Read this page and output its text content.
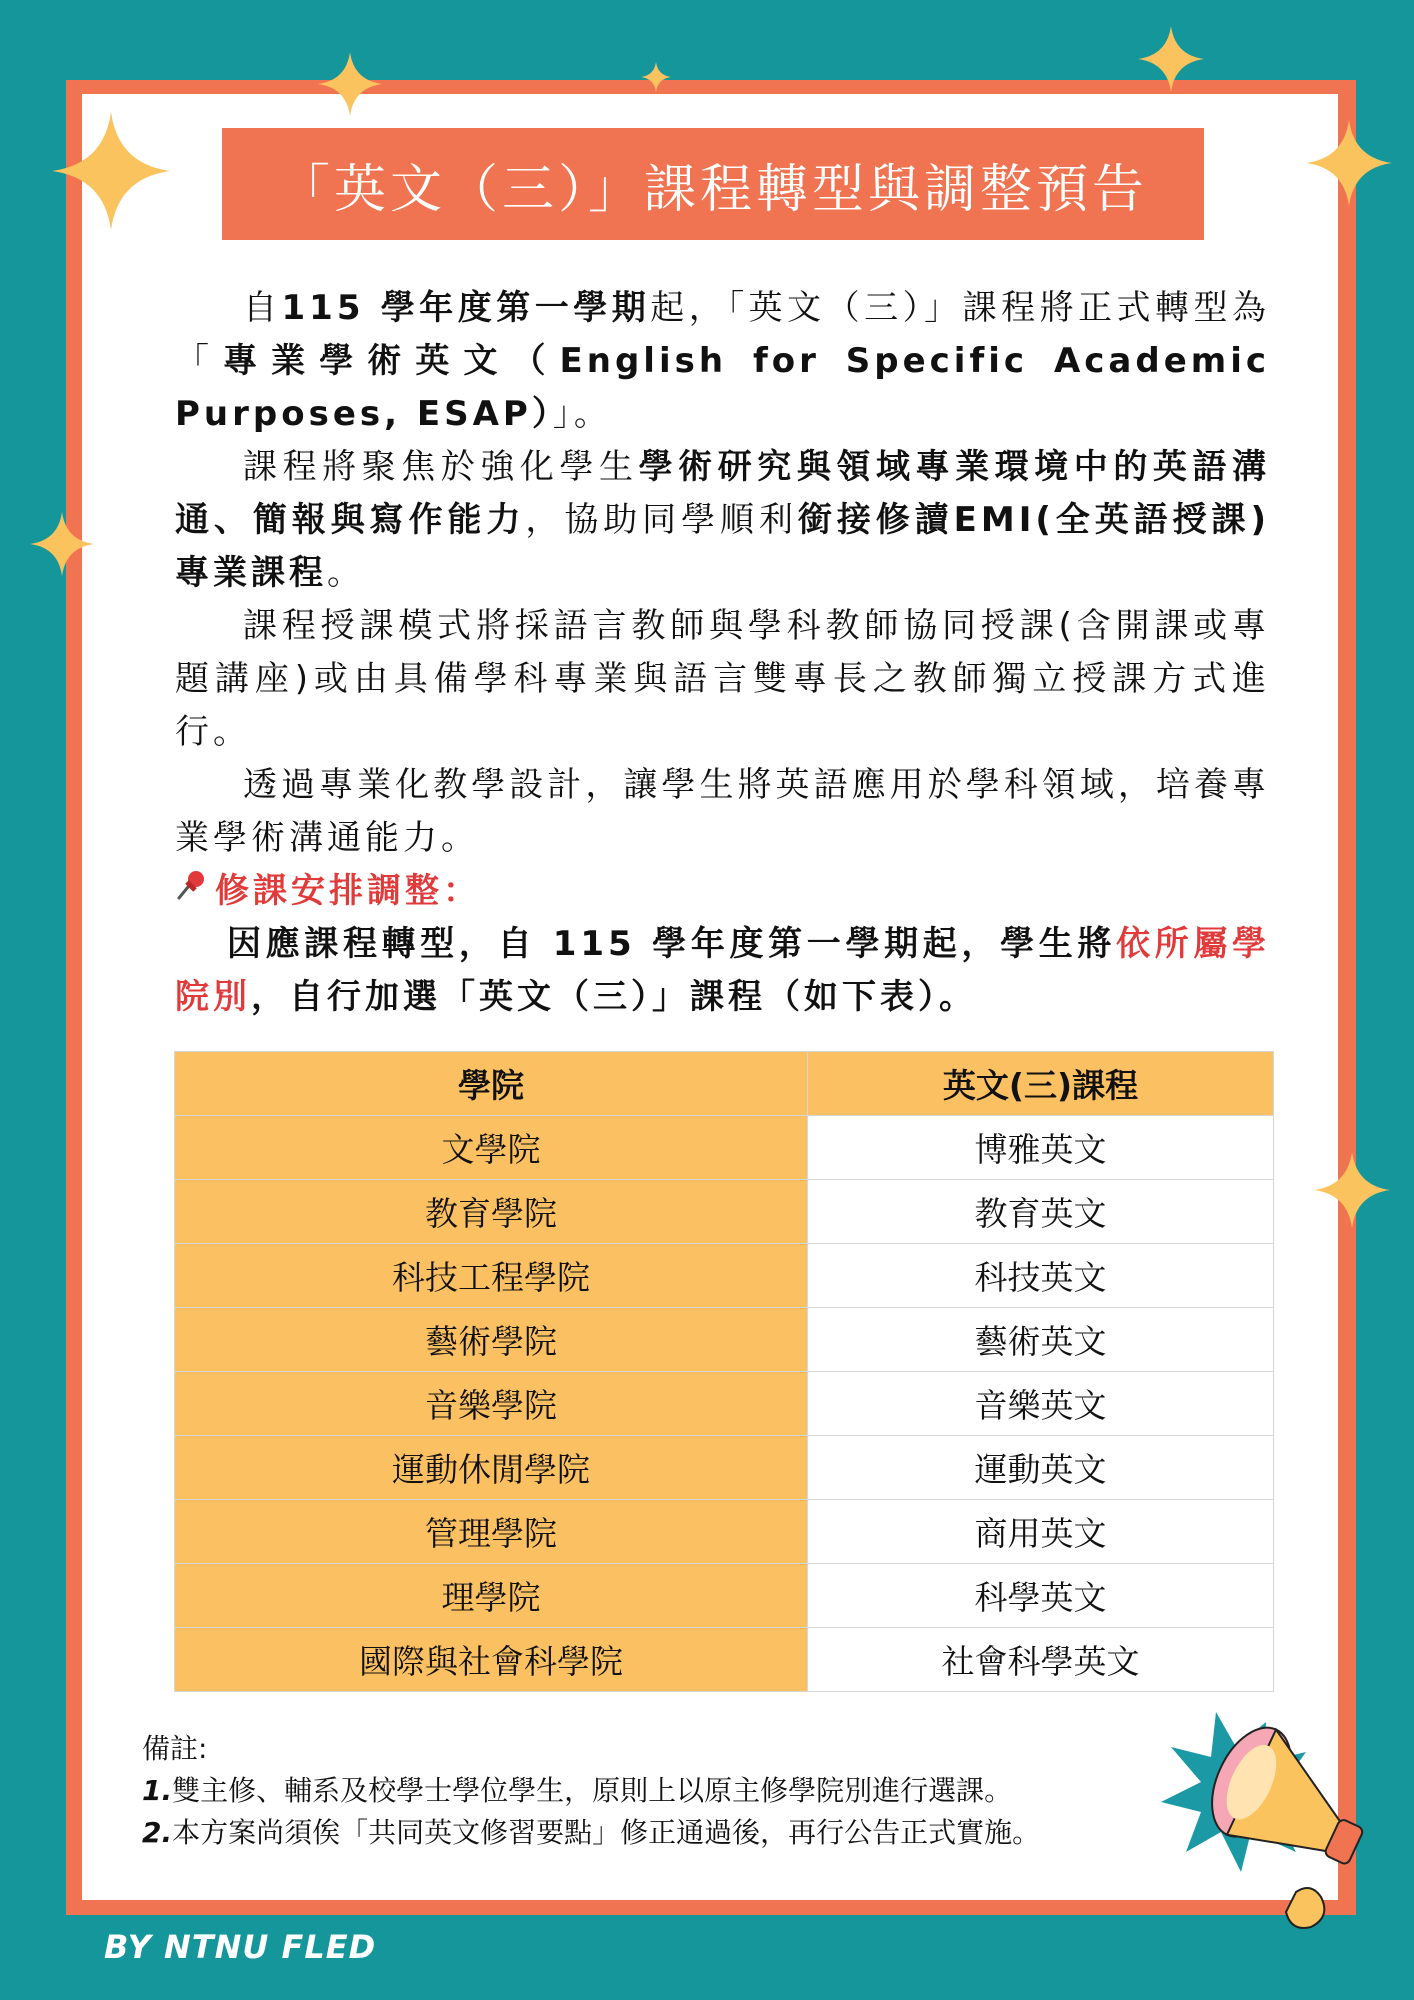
「英文（三）」課程轉型與調整預告

自115 學年度第一學期起，「英文（三）」課程將正式轉型為「專業學術英文（English for Specific Academic Purposes, ESAP）」。

課程將聚焦於強化學生學術研究與領域專業環境中的英語溝通、簡報與寫作能力，協助同學順利銜接修讀EMI(全英語授課)專業課程。

課程授課模式將採語言教師與學科教師協同授課(含開課或專題講座)或由具備學科專業與語言雙專長之教師獨立授課方式進行。

透過專業化教學設計，讓學生將英語應用於學科領域，培養專業學術溝通能力。

修課安排調整：

因應課程轉型，自 115 學年度第一學期起，學生將依所屬學院別，自行加選「英文（三）」課程（如下表）。

學院	英文(三)課程
文學院	博雅英文
教育學院	教育英文
科技工程學院	科技英文
藝術學院	藝術英文
音樂學院	音樂英文
運動休閒學院	運動英文
管理學院	商用英文
理學院	科學英文
國際與社會科學院	社會科學英文
備註:
1.雙主修、輔系及校學士學位學生，原則上以原主修學院別進行選課。
2.本方案尚須俟「共同英文修習要點」修正通過後，再行公告正式實施。
BY NTNU FLED
